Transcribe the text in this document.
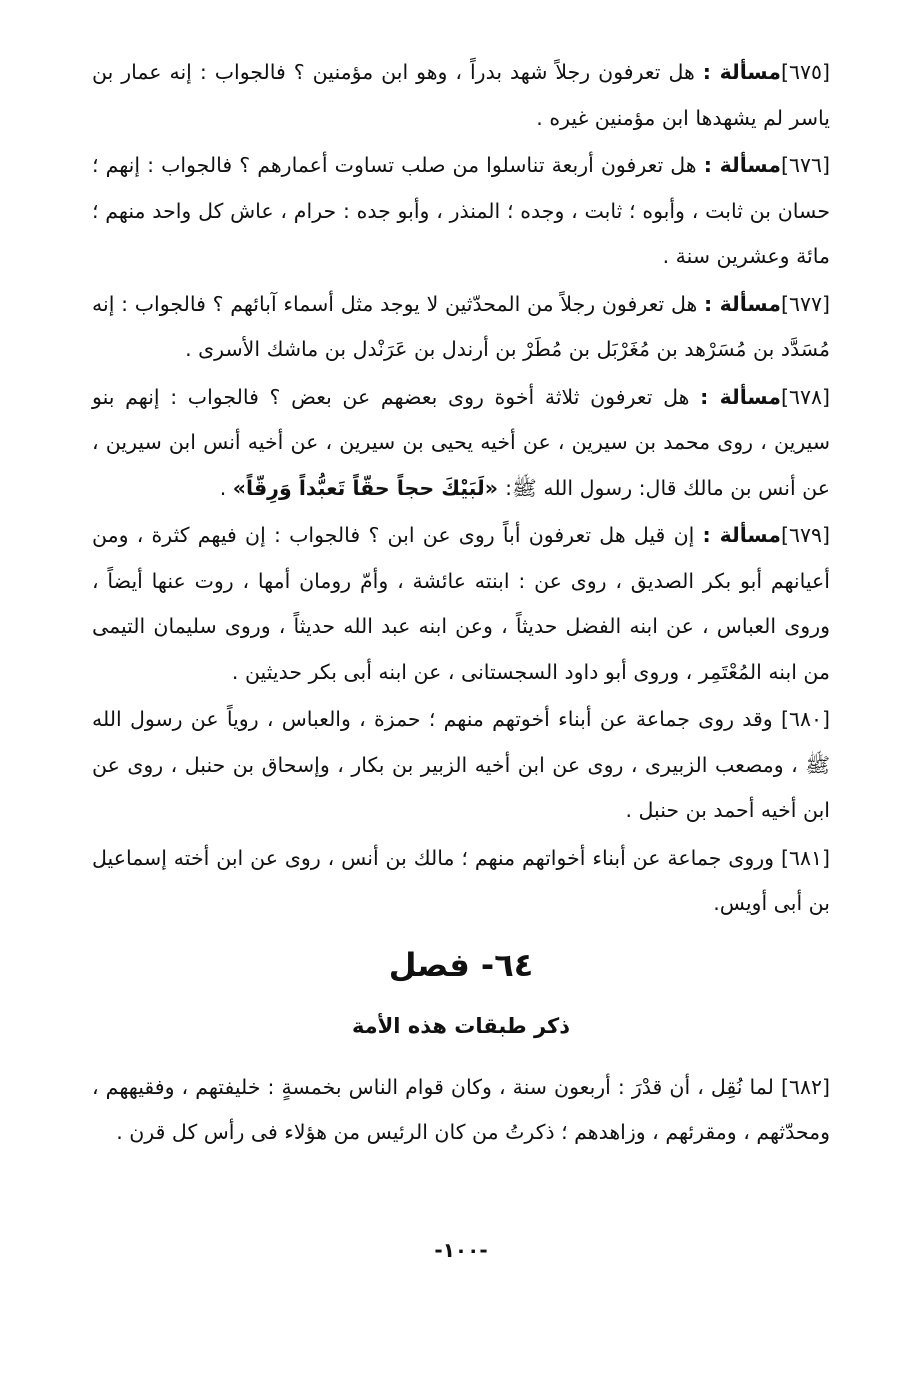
[٦٧٥]مسألة : هل تعرفون رجلاً شهد بدراً ، وهو ابن مؤمنين ؟ فالجواب : إنه عمار بن ياسر لم يشهدها ابن مؤمنين غيره .

[٦٧٦]مسألة : هل تعرفون أربعة تناسلوا من صلب تساوت أعمارهم ؟ فالجواب : إنهم ؛ حسان بن ثابت ، وأبوه ؛ ثابت ، وجده ؛ المنذر ، وأبو جده : حرام ، عاش كل واحد منهم ؛ مائة وعشرين سنة .

[٦٧٧]مسألة : هل تعرفون رجلاً من المحدّثين لا يوجد مثل أسماء آبائهم ؟ فالجواب : إنه مُسَدَّد بن مُسَرْهد بن مُغَرْبَل بن مُطَرْ بن أرندل بن عَرَنْدل بن ماشك الأسرى .

[٦٧٨]مسألة : هل تعرفون ثلاثة أخوة روى بعضهم عن بعض ؟ فالجواب : إنهم بنو سيرين ، روى محمد بن سيرين ، عن أخيه يحيى بن سيرين ، عن أخيه أنس ابن سيرين ، عن أنس بن مالك قال: رسول الله ﷺ: «لَبَيْكَ حجاً حقّاً تَعبُّداً وَرِقّاً» .

[٦٧٩]مسألة : إن قيل هل تعرفون أباً روى عن ابن ؟ فالجواب : إن فيهم كثرة ، ومن أعيانهم أبو بكر الصديق ، روى عن : ابنته عائشة ، وأمّ رومان أمها ، روت عنها أيضاً ، وروى العباس ، عن ابنه الفضل حديثاً ، وعن ابنه عبد الله حديثاً ، وروى سليمان التيمى من ابنه المُعْتَمِر ، وروى أبو داود السجستانى ، عن ابنه أبى بكر حديثين .

[٦٨٠] وقد روى جماعة عن أبناء أخوتهم منهم ؛ حمزة ، والعباس ، روياً عن رسول الله ﷺ ، ومصعب الزبيرى ، روى عن ابن أخيه الزبير بن بكار ، وإسحاق بن حنبل ، روى عن ابن أخيه أحمد بن حنبل .

[٦٨١] وروى جماعة عن أبناء أخواتهم منهم ؛ مالك بن أنس ، روى عن ابن أخته إسماعيل بن أبى أويس.

٦٤- فصل
ذكر طبقات هذه الأمة

[٦٨٢] لما نُقِل ، أن قدْرَ : أربعون سنة ، وكان قوام الناس بخمسةٍ : خليفتهم ، وفقيههم ، ومحدّثهم ، ومقرئهم ، وزاهدهم ؛ ذكرتُ من كان الرئيس من هؤلاء فى رأس كل قرن .

-١٠٠-
